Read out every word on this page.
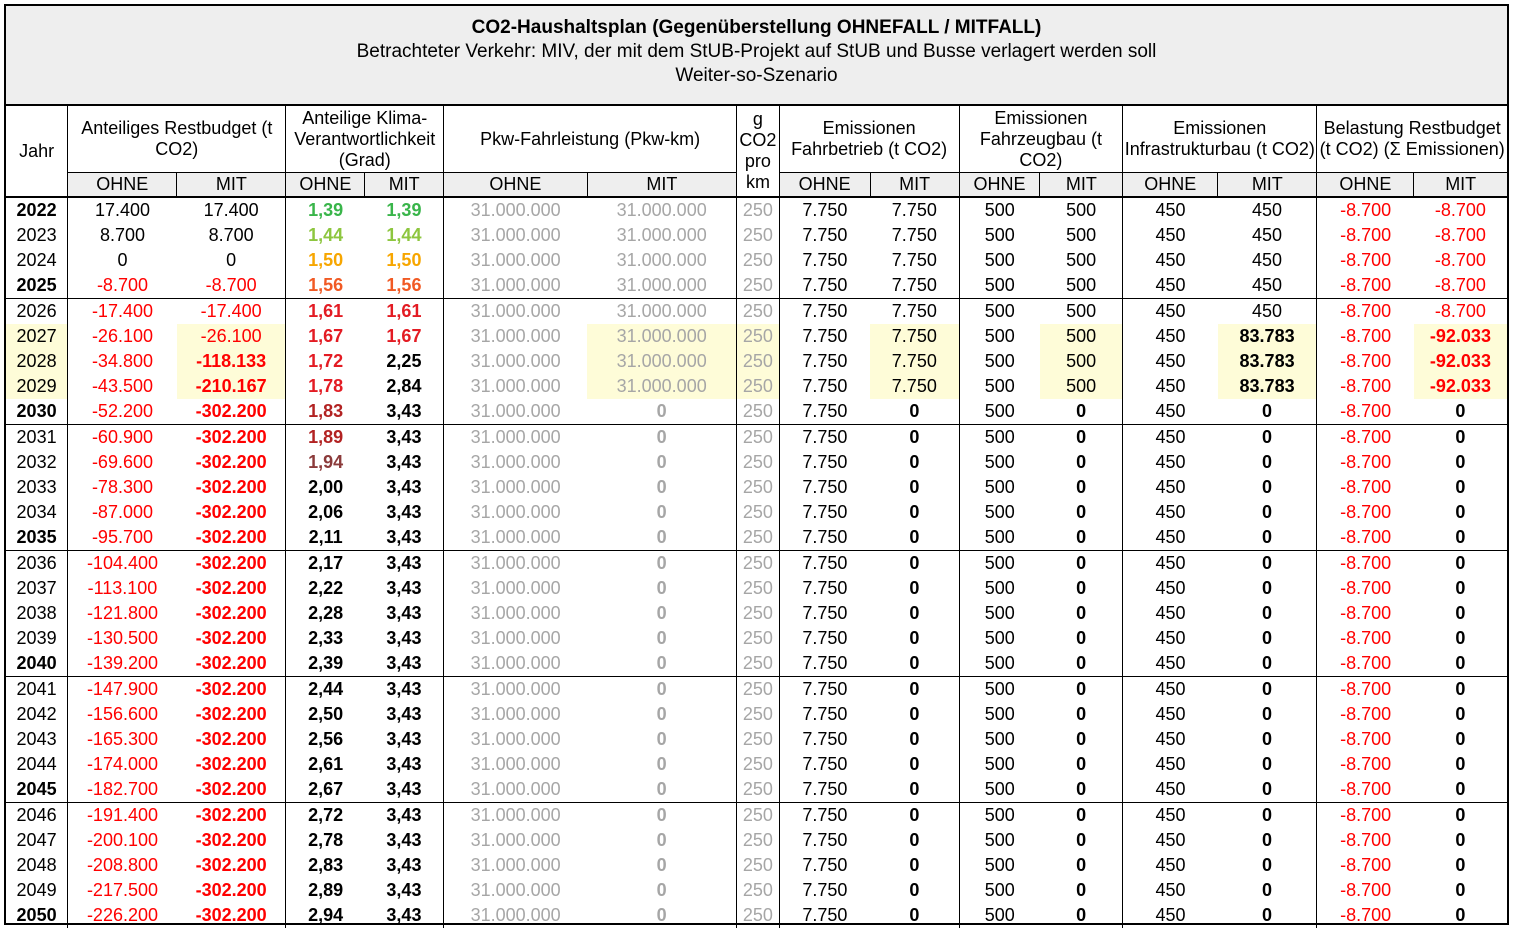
CO2-Haushaltsplan (Gegenüberstellung OHNEFALL / MITFALL)
Betrachteter Verkehr: MIV, der mit dem StUB-Projekt auf StUB und Busse verlagert werden soll
Weiter-so-Szenario
Jahr	Anteiliges Restbudget (t CO2)		Anteilige Klima-Verantwortlichkeit (Grad)		Pkw-Fahrleistung (Pkw-km)		g CO2 pro km	Emissionen Fahrbetrieb (t CO2)		Emissionen Fahrzeugbau (t CO2)		Emissionen Infrastrukturbau (t CO2)		Belastung Restbudget (t CO2) (Σ Emissionen)	
	OHNE	MIT	OHNE	MIT	OHNE	MIT		OHNE	MIT	OHNE	MIT	OHNE	MIT	OHNE	MIT
2022	17.400	17.400	1,39	1,39	31.000.000	31.000.000	250	7.750	7.750	500	500	450	450	-8.700	-8.700
2023	8.700	8.700	1,44	1,44	31.000.000	31.000.000	250	7.750	7.750	500	500	450	450	-8.700	-8.700
2024	0	0	1,50	1,50	31.000.000	31.000.000	250	7.750	7.750	500	500	450	450	-8.700	-8.700
2025	-8.700	-8.700	1,56	1,56	31.000.000	31.000.000	250	7.750	7.750	500	500	450	450	-8.700	-8.700
2026	-17.400	-17.400	1,61	1,61	31.000.000	31.000.000	250	7.750	7.750	500	500	450	450	-8.700	-8.700
2027	-26.100	-26.100	1,67	1,67	31.000.000	31.000.000	250	7.750	7.750	500	500	450	83.783	-8.700	-92.033
2028	-34.800	-118.133	1,72	2,25	31.000.000	31.000.000	250	7.750	7.750	500	500	450	83.783	-8.700	-92.033
2029	-43.500	-210.167	1,78	2,84	31.000.000	31.000.000	250	7.750	7.750	500	500	450	83.783	-8.700	-92.033
2030	-52.200	-302.200	1,83	3,43	31.000.000	0	250	7.750	0	500	0	450	0	-8.700	0
2031	-60.900	-302.200	1,89	3,43	31.000.000	0	250	7.750	0	500	0	450	0	-8.700	0
2032	-69.600	-302.200	1,94	3,43	31.000.000	0	250	7.750	0	500	0	450	0	-8.700	0
2033	-78.300	-302.200	2,00	3,43	31.000.000	0	250	7.750	0	500	0	450	0	-8.700	0
2034	-87.000	-302.200	2,06	3,43	31.000.000	0	250	7.750	0	500	0	450	0	-8.700	0
2035	-95.700	-302.200	2,11	3,43	31.000.000	0	250	7.750	0	500	0	450	0	-8.700	0
2036	-104.400	-302.200	2,17	3,43	31.000.000	0	250	7.750	0	500	0	450	0	-8.700	0
2037	-113.100	-302.200	2,22	3,43	31.000.000	0	250	7.750	0	500	0	450	0	-8.700	0
2038	-121.800	-302.200	2,28	3,43	31.000.000	0	250	7.750	0	500	0	450	0	-8.700	0
2039	-130.500	-302.200	2,33	3,43	31.000.000	0	250	7.750	0	500	0	450	0	-8.700	0
2040	-139.200	-302.200	2,39	3,43	31.000.000	0	250	7.750	0	500	0	450	0	-8.700	0
2041	-147.900	-302.200	2,44	3,43	31.000.000	0	250	7.750	0	500	0	450	0	-8.700	0
2042	-156.600	-302.200	2,50	3,43	31.000.000	0	250	7.750	0	500	0	450	0	-8.700	0
2043	-165.300	-302.200	2,56	3,43	31.000.000	0	250	7.750	0	500	0	450	0	-8.700	0
2044	-174.000	-302.200	2,61	3,43	31.000.000	0	250	7.750	0	500	0	450	0	-8.700	0
2045	-182.700	-302.200	2,67	3,43	31.000.000	0	250	7.750	0	500	0	450	0	-8.700	0
2046	-191.400	-302.200	2,72	3,43	31.000.000	0	250	7.750	0	500	0	450	0	-8.700	0
2047	-200.100	-302.200	2,78	3,43	31.000.000	0	250	7.750	0	500	0	450	0	-8.700	0
2048	-208.800	-302.200	2,83	3,43	31.000.000	0	250	7.750	0	500	0	450	0	-8.700	0
2049	-217.500	-302.200	2,89	3,43	31.000.000	0	250	7.750	0	500	0	450	0	-8.700	0
2050	-226.200	-302.200	2,94	3,43	31.000.000	0	250	7.750	0	500	0	450	0	-8.700	0
